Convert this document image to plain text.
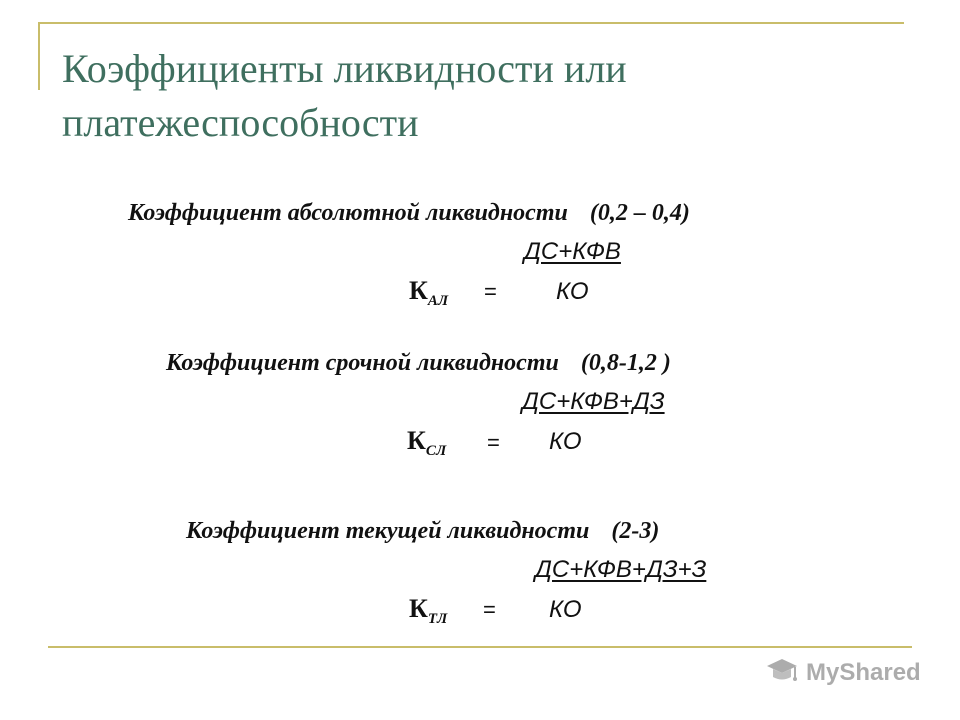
Коэффициенты ликвидности или
платежеспособности
Коэффициент абсолютной ликвидности (0,2 – 0,4)
ДС+КФВ
$К_{АЛ}$ = КО
Коэффициент срочной ликвидности (0,8-1,2 )
ДС+КФВ+ДЗ
$К_{СЛ}$ = КО
Коэффициент текущей ликвидности (2-3)
ДС+КФВ+ДЗ+З
$К_{ТЛ}$ = КО
MyShared
